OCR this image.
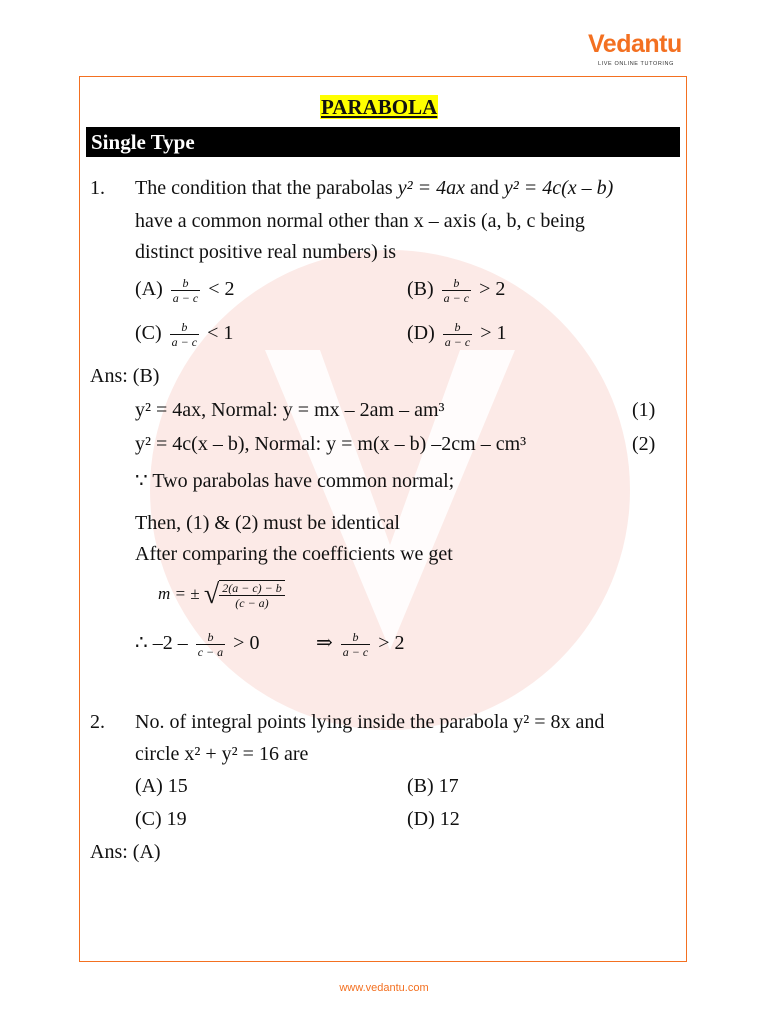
Vedantu
LIVE ONLINE TUTORING
PARABOLA
Single Type
1. The condition that the parabolas y² = 4ax and y² = 4c(x – b)
have a common normal other than x – axis (a, b, c being
distinct positive real numbers) is
$(A) \frac{b}{a - c} < 2$	$(B) \frac{b}{a - c} > 2$
$(C) \frac{b}{a - c} < 1$	$(D) \frac{b}{a - c} > 1$
Ans: (B)
y² = 4ax, Normal: y = mx – 2am – am³	(1)
y² = 4c(x – b), Normal: y = m(x – b) –2cm – cm³	(2)
∵ Two parabolas have common normal;
Then, (1) & (2) must be identical
After comparing the coefficients we get
m = ± √ $\frac{2(a - c) - b}{(c - a)}$
∴ $-2 - \frac{b}{c - a} > 0$	⇒ $\frac{b}{a - c} > 2$
2. No. of integral points lying inside the parabola y² = 8x and
circle x² + y² = 16 are
(A) 15	(B) 17
(C) 19	(D) 12
Ans: (A)
www.vedantu.com
